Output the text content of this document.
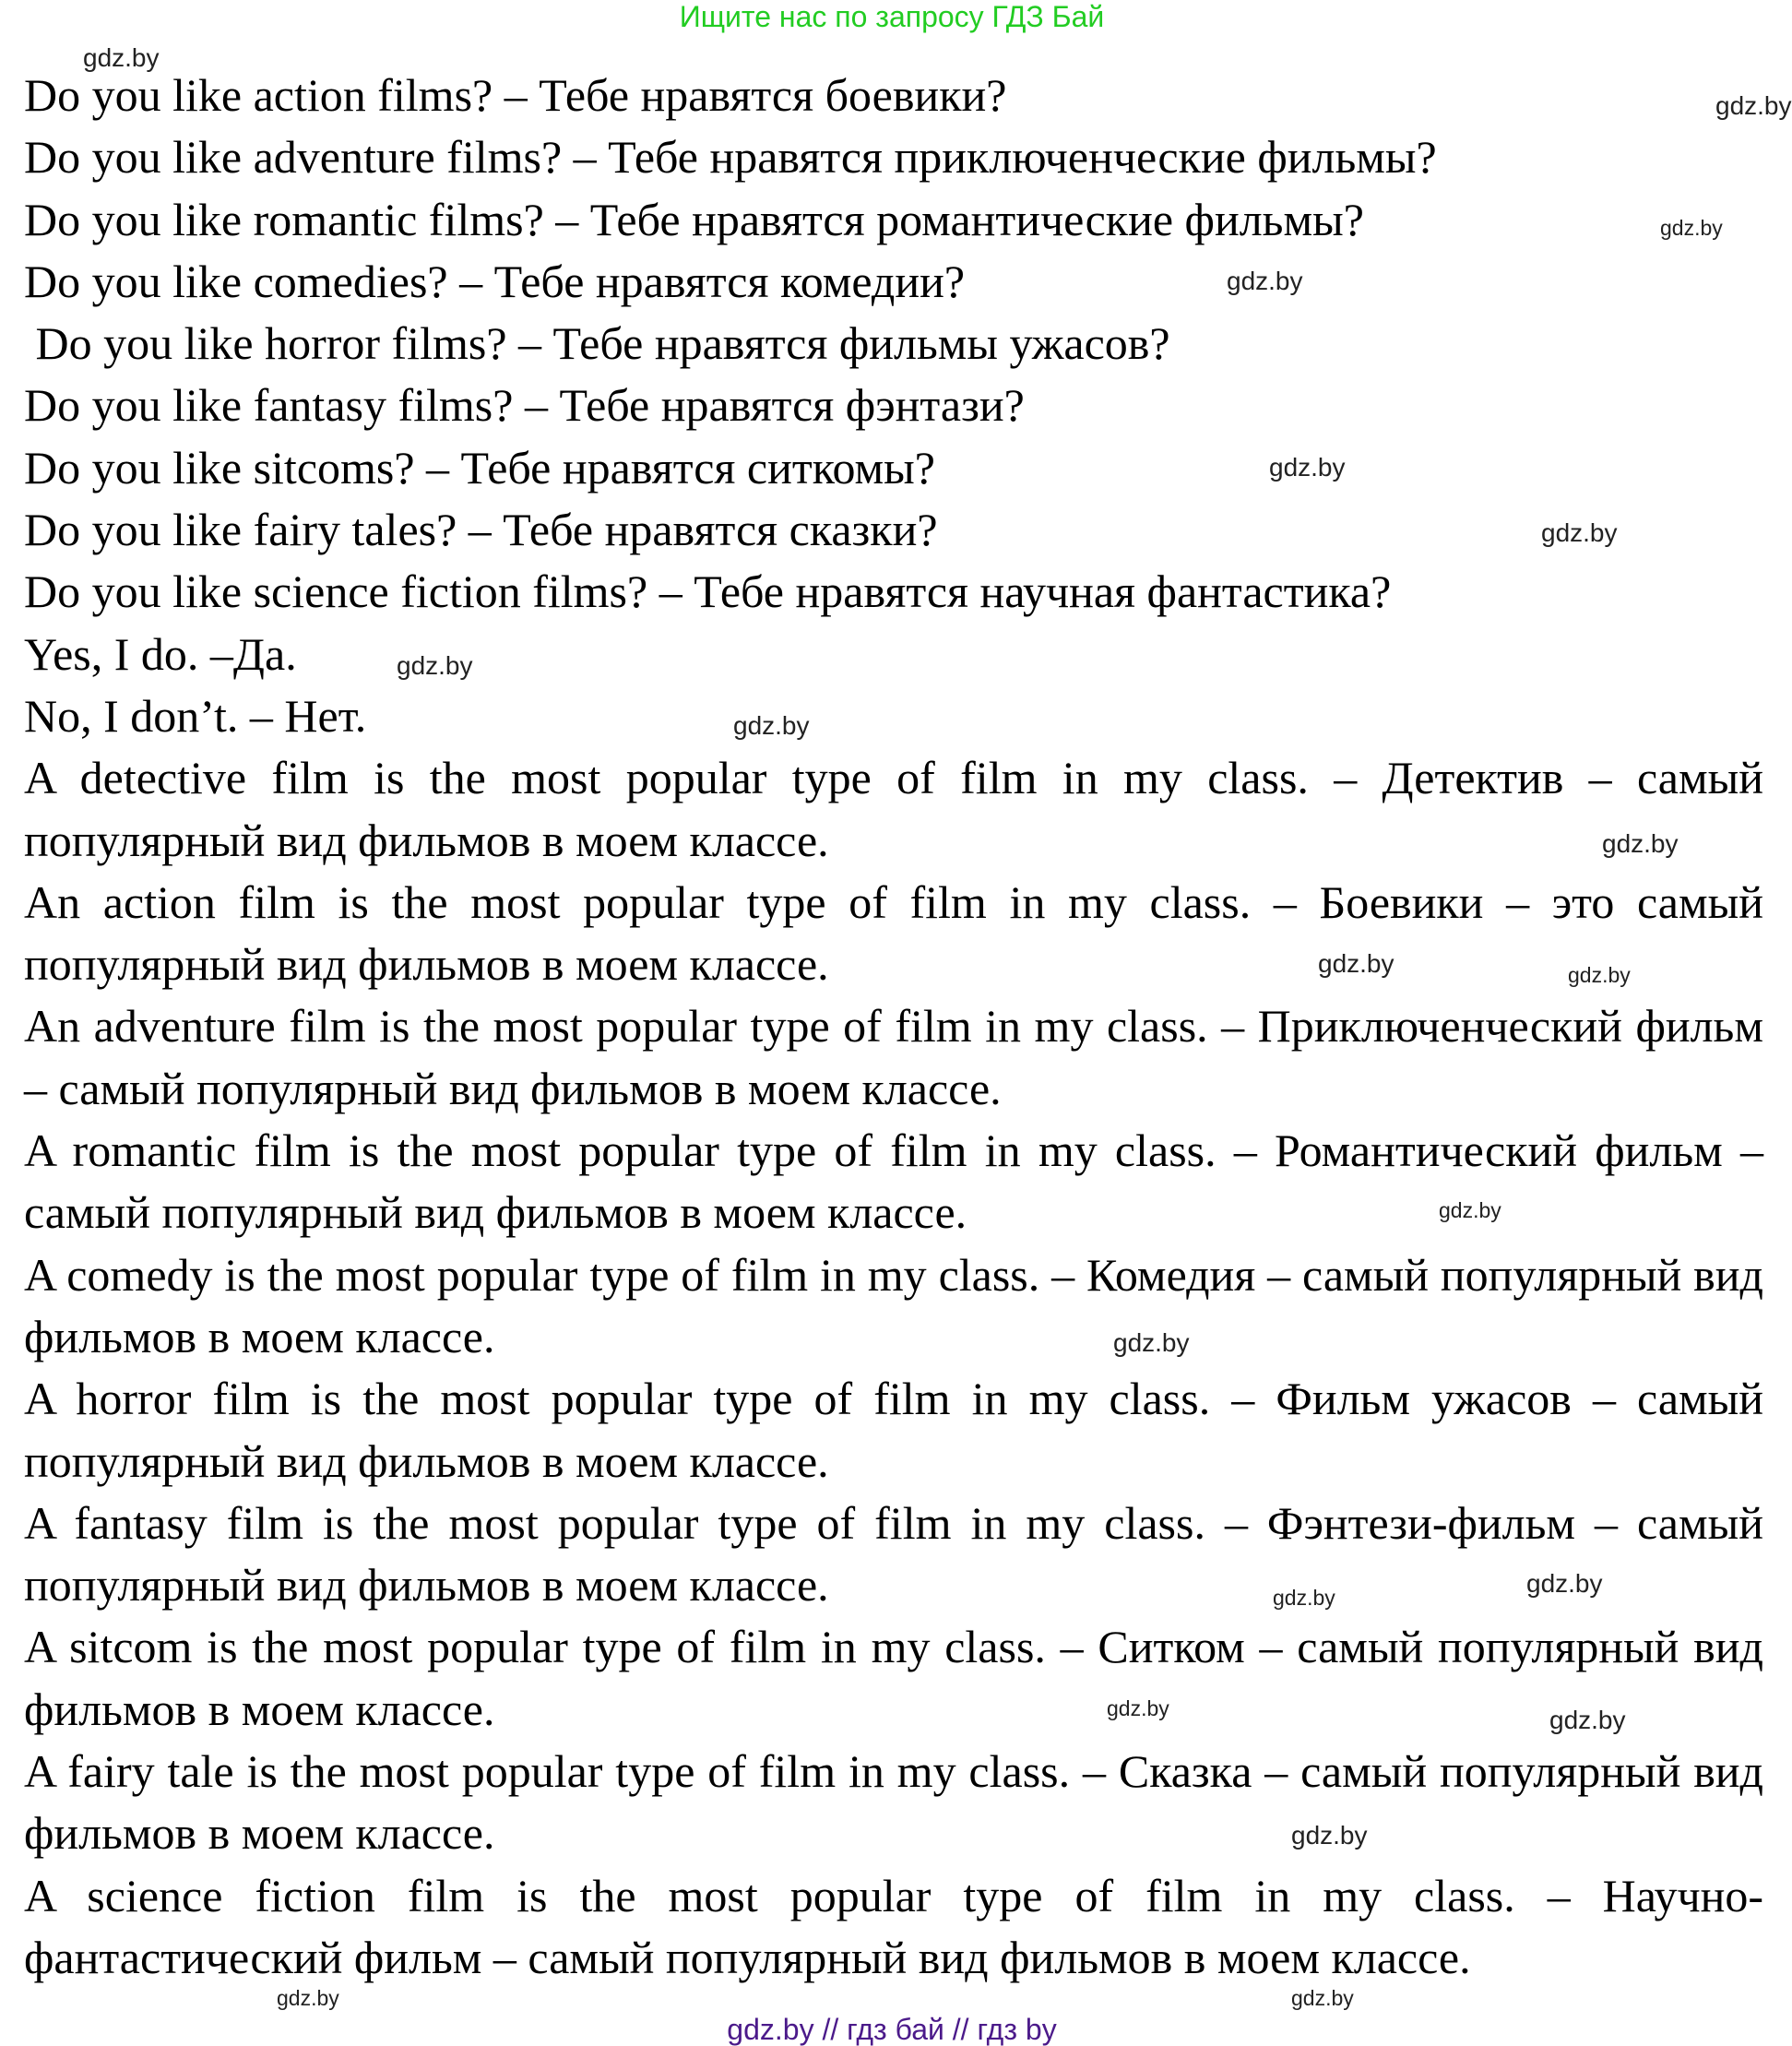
Ищите нас по запросу ГДЗ Бай

Do you like action films? – Тебе нравятся боевики?

Do you like adventure films? – Тебе нравятся приключенческие фильмы?

Do you like romantic films? – Тебе нравятся романтические фильмы?

Do you like comedies? – Тебе нравятся комедии?

Do you like horror films? – Тебе нравятся фильмы ужасов?

Do you like fantasy films? – Тебе нравятся фэнтази?

Do you like sitcoms? – Тебе нравятся ситкомы?

Do you like fairy tales? – Тебе нравятся сказки?

Do you like science fiction films? – Тебе нравятся научная фантастика?

Yes, I do. –Да.

No, I don’t. – Нет.

A detective film is the most popular type of film in my class. – Детектив – самый популярный вид фильмов в моем классе.

An action film is the most popular type of film in my class. – Боевики – это самый популярный вид фильмов в моем классе.

An adventure film is the most popular type of film in my class. – Приключенческий фильм – самый популярный вид фильмов в моем классе.

A romantic film is the most popular type of film in my class. – Романтический фильм – самый популярный вид фильмов в моем классе.

A comedy is the most popular type of film in my class. – Комедия – самый популярный вид фильмов в моем классе.

A horror film is the most popular type of film in my class. – Фильм ужасов – самый популярный вид фильмов в моем классе.

A fantasy film is the most popular type of film in my class. – Фэнтези-фильм – самый популярный вид фильмов в моем классе.

A sitcom is the most popular type of film in my class. – Ситком – самый популярный вид фильмов в моем классе.

A fairy tale is the most popular type of film in my class. – Сказка – самый популярный вид фильмов в моем классе.

A science fiction film is the most popular type of film in my class. – Научно-фантастический фильм – самый популярный вид фильмов в моем классе.

gdz.by
gdz.by
gdz.by
gdz.by
gdz.by
gdz.by
gdz.by
gdz.by
gdz.by
gdz.by	gdz.by
gdz.by
gdz.by
gdz.by	gdz.by
gdz.by	gdz.by
gdz.by
gdz.by	gdz.by
gdz.by // гдз бай // гдз by
